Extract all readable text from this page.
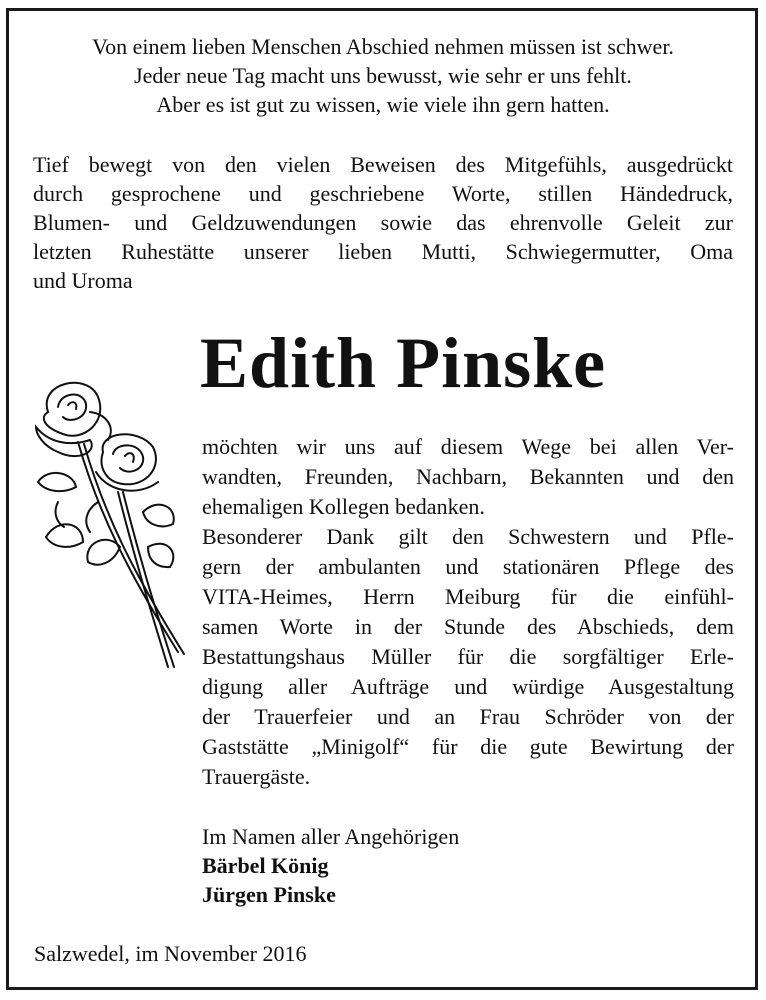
Von einem lieben Menschen Abschied nehmen müssen ist schwer.
Jeder neue Tag macht uns bewusst, wie sehr er uns fehlt.
Aber es ist gut zu wissen, wie viele ihn gern hatten.
Tief bewegt von den vielen Beweisen des Mitgefühls, ausgedrückt
durch gesprochene und geschriebene Worte, stillen Händedruck,
Blumen- und Geldzuwendungen sowie das ehrenvolle Geleit zur
letzten Ruhestätte unserer lieben Mutti, Schwiegermutter, Oma
und Uroma
Edith Pinske
möchten wir uns auf diesem Wege bei allen Ver-
wandten, Freunden, Nachbarn, Bekannten und den
ehemaligen Kollegen bedanken.
Besonderer Dank gilt den Schwestern und Pfle-
gern der ambulanten und stationären Pflege des
VITA-Heimes, Herrn Meiburg für die einfühl-
samen Worte in der Stunde des Abschieds, dem
Bestattungshaus Müller für die sorgfältiger Erle-
digung aller Aufträge und würdige Ausgestaltung
der Trauerfeier und an Frau Schröder von der
Gaststätte „Minigolf“ für die gute Bewirtung der
Trauergäste.
Im Namen aller Angehörigen
Bärbel König
Jürgen Pinske
Salzwedel, im November 2016
